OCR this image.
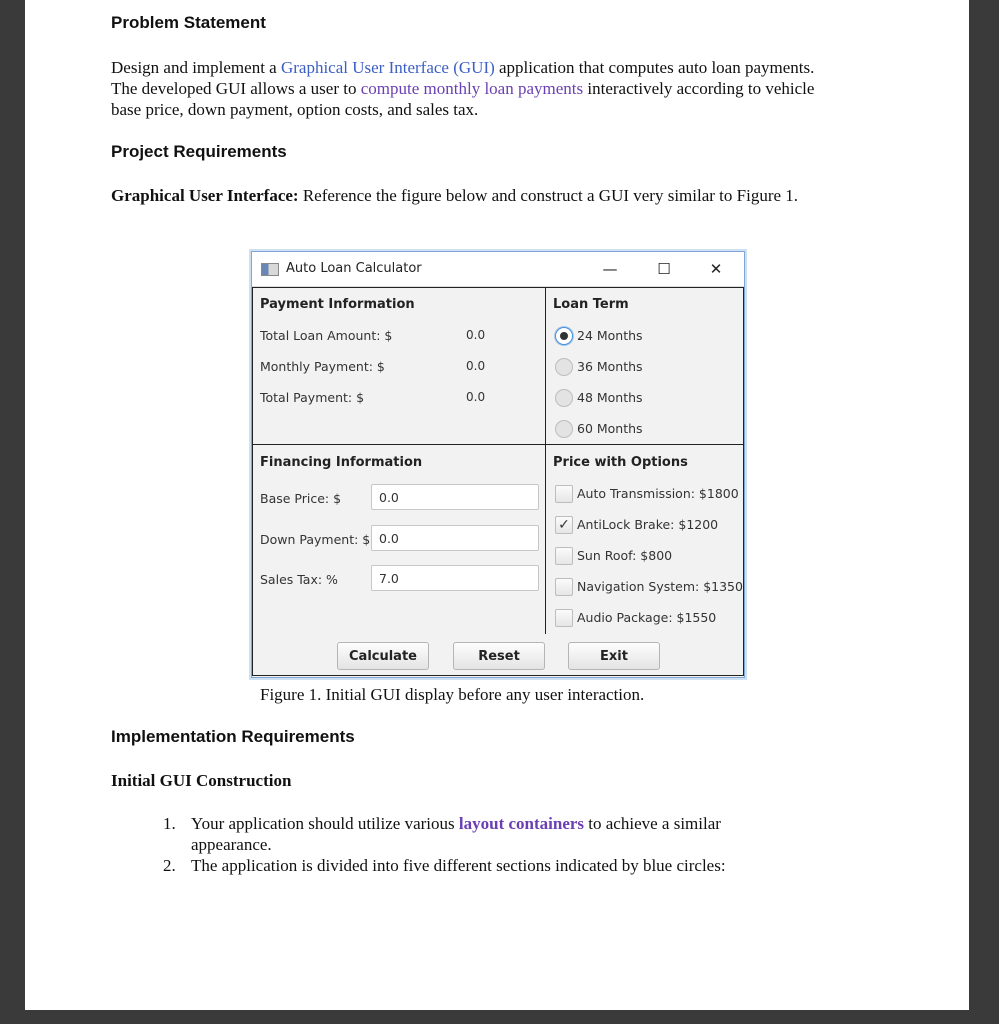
Problem Statement
Design and implement a Graphical User Interface (GUI) application that computes auto loan payments. The developed GUI allows a user to compute monthly loan payments interactively according to vehicle base price, down payment, option costs, and sales tax.
Project Requirements
Graphical User Interface: Reference the figure below and construct a GUI very similar to Figure 1.
Auto Loan Calculator	—	☐	✕
Payment Information
Total Loan Amount: $	0.0
Monthly Payment: $	0.0
Total Payment: $	0.0
Loan Term
24 Months
36 Months
48 Months
60 Months
Financing Information
Base Price: $	0.0
Down Payment: $ 0.0
Sales Tax: %	7.0
Price with Options
Auto Transmission: $1800
✓ AntiLock Brake: $1200
Sun Roof: $800
Navigation System: $1350
Audio Package: $1550
Calculate	Reset	Exit
Figure 1. Initial GUI display before any user interaction.
Implementation Requirements
Initial GUI Construction
1. Your application should utilize various layout containers to achieve a similar appearance.
2. The application is divided into five different sections indicated by blue circles:
